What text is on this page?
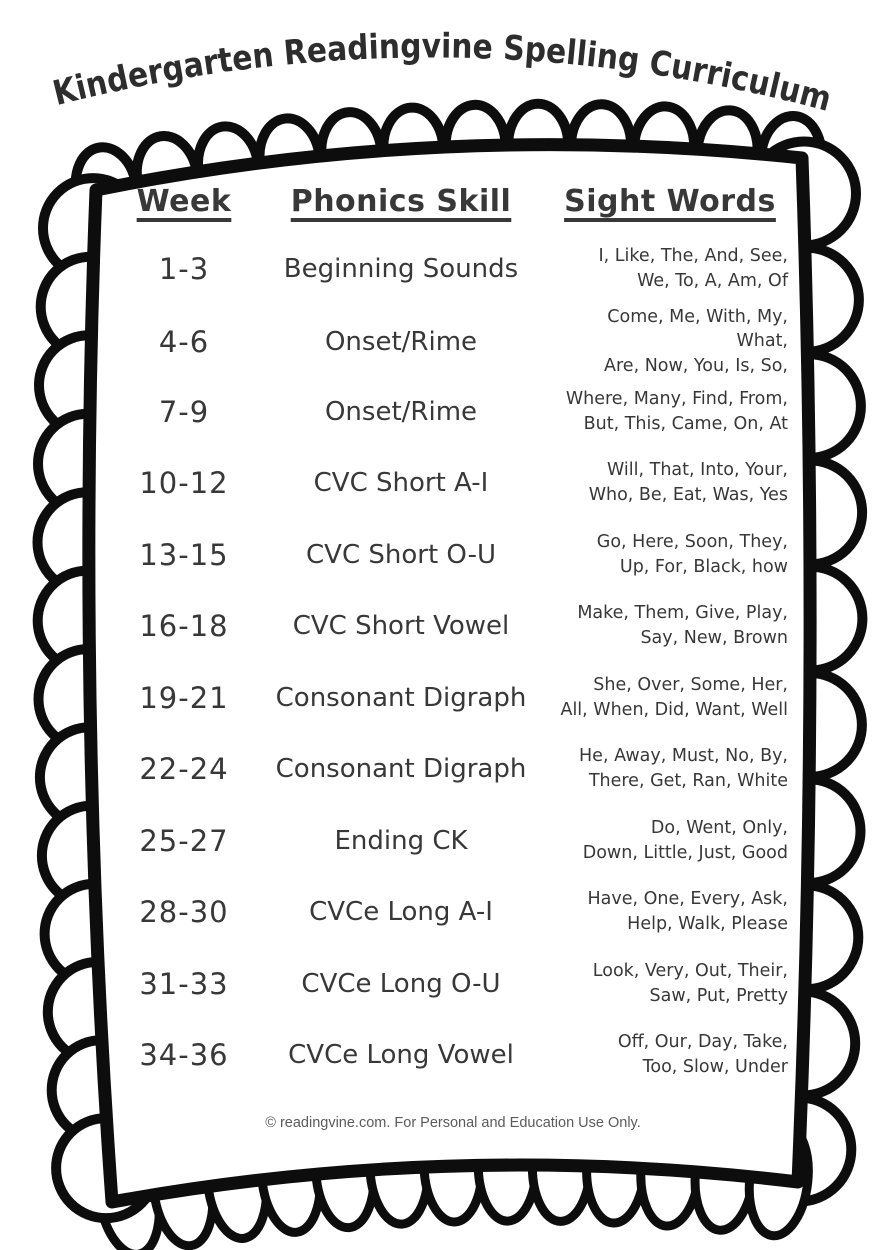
Kindergarten Readingvine Spelling Curriculum
Week	Phonics Skill	Sight Words
1-3	Beginning Sounds	I, Like, The, And, See,
We, To, A, Am, Of
4-6	Onset/Rime
Come, Me, With, My, What,
Are, Now, You, Is, So,
7-9	Onset/Rime	Where, Many, Find, From,
But, This, Came, On, At
10-12	CVC Short A-I	Will, That, Into, Your,
Who, Be, Eat, Was, Yes
13-15	CVC Short O-U	Go, Here, Soon, They,
Up, For, Black, how
16-18	CVC Short Vowel	Make, Them, Give, Play,
Say, New, Brown
19-21	Consonant Digraph	She, Over, Some, Her,
All, When, Did, Want, Well
22-24	Consonant Digraph	He, Away, Must, No, By,
There, Get, Ran, White
25-27	Ending CK	Do, Went, Only,
Down, Little, Just, Good
28-30	CVCe Long A-I	Have, One, Every, Ask,
Help, Walk, Please
31-33	CVCe Long O-U	Look, Very, Out, Their,
Saw, Put, Pretty
34-36	CVCe Long Vowel	Off, Our, Day, Take,
Too, Slow, Under
© readingvine.com. For Personal and Education Use Only.
